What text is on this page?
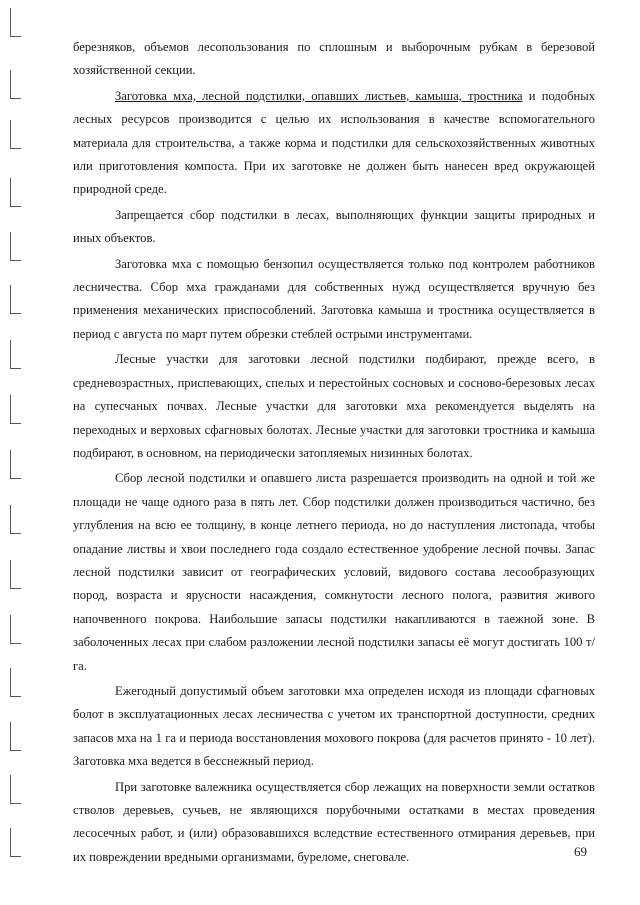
березняков, объемов лесопользования по сплошным и выборочным рубкам в березовой хозяйственной секции.

Заготовка мха, лесной подстилки, опавших листьев, камыша, тростника и подобных лесных ресурсов производится с целью их использования в качестве вспомогательного материала для строительства, а также корма и подстилки для сельскохозяйственных животных или приготовления компоста. При их заготовке не должен быть нанесен вред окружающей природной среде.

Запрещается сбор подстилки в лесах, выполняющих функции защиты природных и иных объектов.

Заготовка мха с помощью бензопил осуществляется только под контролем работников лесничества. Сбор мха гражданами для собственных нужд осуществляется вручную без применения механических приспособлений. Заготовка камыша и тростника осуществляется в период с августа по март путем обрезки стеблей острыми инструментами.

Лесные участки для заготовки лесной подстилки подбирают, прежде всего, в средневозрастных, приспевающих, спелых и перестойных сосновых и сосново-березовых лесах на супесчаных почвах. Лесные участки для заготовки мха рекомендуется выделять на переходных и верховых сфагновых болотах. Лесные участки для заготовки тростника и камыша подбирают, в основном, на периодически затопляемых низинных болотах.

Сбор лесной подстилки и опавшего листа разрешается производить на одной и той же площади не чаще одного раза в пять лет. Сбор подстилки должен производиться частично, без углубления на всю ее толщину, в конце летнего периода, но до наступления листопада, чтобы опадание листвы и хвои последнего года создало естественное удобрение лесной почвы. Запас лесной подстилки зависит от географических условий, видового состава лесообразующих пород, возраста и ярусности насаждения, сомкнутости лесного полога, развития живого напочвенного покрова. Наибольшие запасы подстилки накапливаются в таежной зоне. В заболоченных лесах при слабом разложении лесной подстилки запасы её могут достигать 100 т/га.

Ежегодный допустимый объем заготовки мха определен исходя из площади сфагновых болот в эксплуатационных лесах лесничества с учетом их транспортной доступности, средних запасов мха на 1 га и периода восстановления мохового покрова (для расчетов принято - 10 лет). Заготовка мха ведется в бесснежный период.

При заготовке валежника осуществляется сбор лежащих на поверхности земли остатков стволов деревьев, сучьев, не являющихся порубочными остатками в местах проведения лесосечных работ, и (или) образовавшихся вследствие естественного отмирания деревьев, при их повреждении вредными организмами, буреломе, снеговале.	69
